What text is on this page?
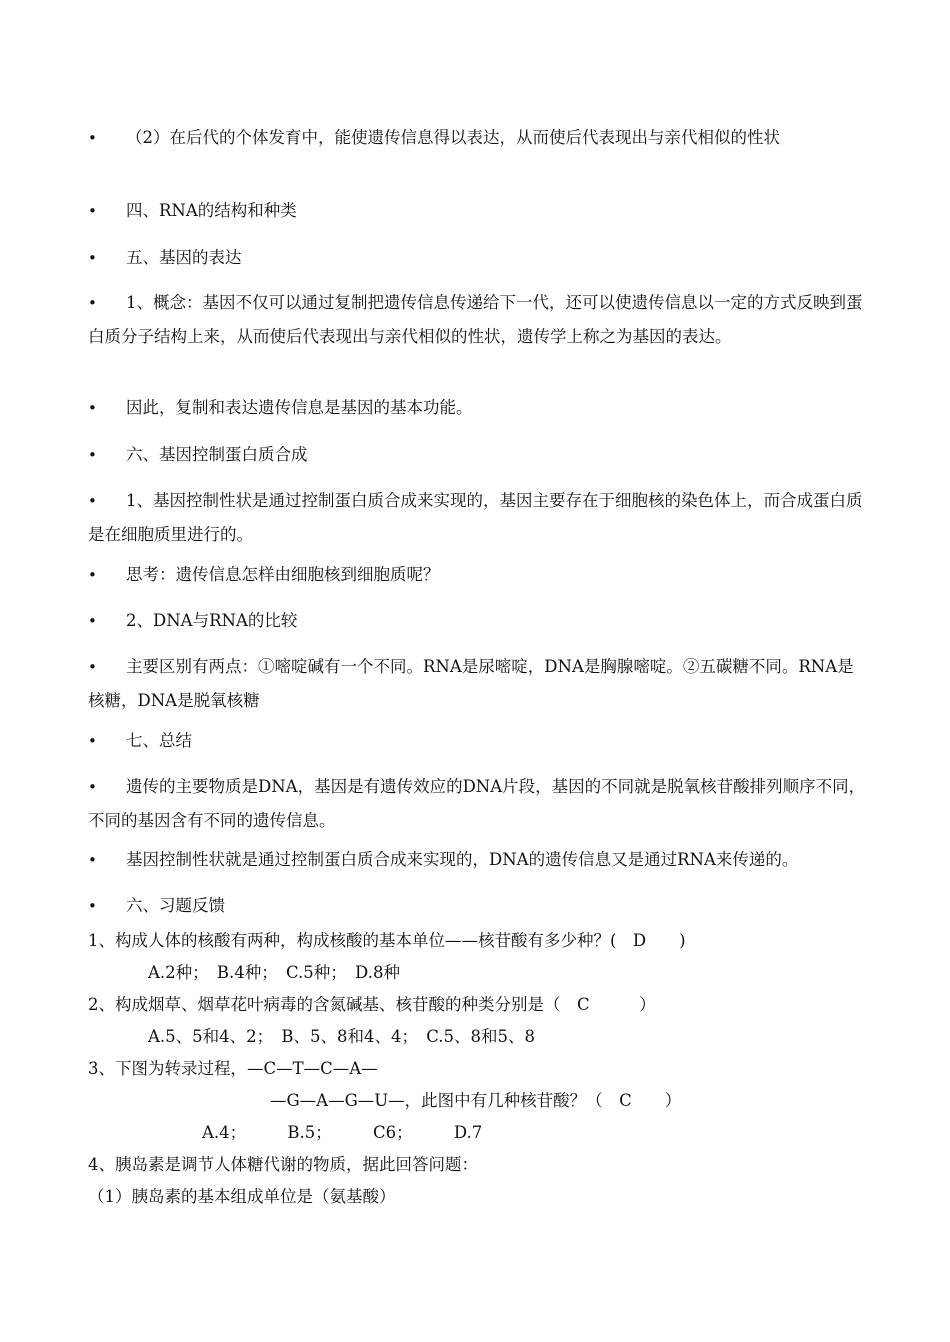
• （2）在后代的个体发育中，能使遗传信息得以表达，从而使后代表现出与亲代相似的性状

• 四、RNA的结构和种类

• 五、基因的表达

• 1、概念：基因不仅可以通过复制把遗传信息传递给下一代，还可以使遗传信息以一定的方式反映到蛋白质分子结构上来，从而使后代表现出与亲代相似的性状，遗传学上称之为基因的表达。

• 因此，复制和表达遗传信息是基因的基本功能。

• 六、基因控制蛋白质合成

• 1、基因控制性状是通过控制蛋白质合成来实现的，基因主要存在于细胞核的染色体上，而合成蛋白质是在细胞质里进行的。

• 思考：遗传信息怎样由细胞核到细胞质呢？

• 2、DNA与RNA的比较

• 主要区别有两点：①嘧啶碱有一个不同。RNA是尿嘧啶，DNA是胸腺嘧啶。②五碳糖不同。RNA是核糖，DNA是脱氧核糖

• 七、总结

• 遗传的主要物质是DNA，基因是有遗传效应的DNA片段，基因的不同就是脱氧核苷酸排列顺序不同，不同的基因含有不同的遗传信息。

• 基因控制性状就是通过控制蛋白质合成来实现的，DNA的遗传信息又是通过RNA来传递的。

• 六、习题反馈

1、构成人体的核酸有两种，构成核酸的基本单位——核苷酸有多少种？(　D　　)

A.2种；　B.4种；　C.5种；　D.8种

2、构成烟草、烟草花叶病毒的含氮碱基、核苷酸的种类分别是（　C　　　）

A.5、5和4、2；　B、5、8和4、4；　C.5、8和5、8

3、下图为转录过程，—C—T—C—A—

—G—A—G—U—，此图中有几种核苷酸？（　C　　）

A.4；　　　B.5；　　　C6；　　　D.7

4、胰岛素是调节人体糖代谢的物质，据此回答问题：

（1）胰岛素的基本组成单位是（氨基酸）
